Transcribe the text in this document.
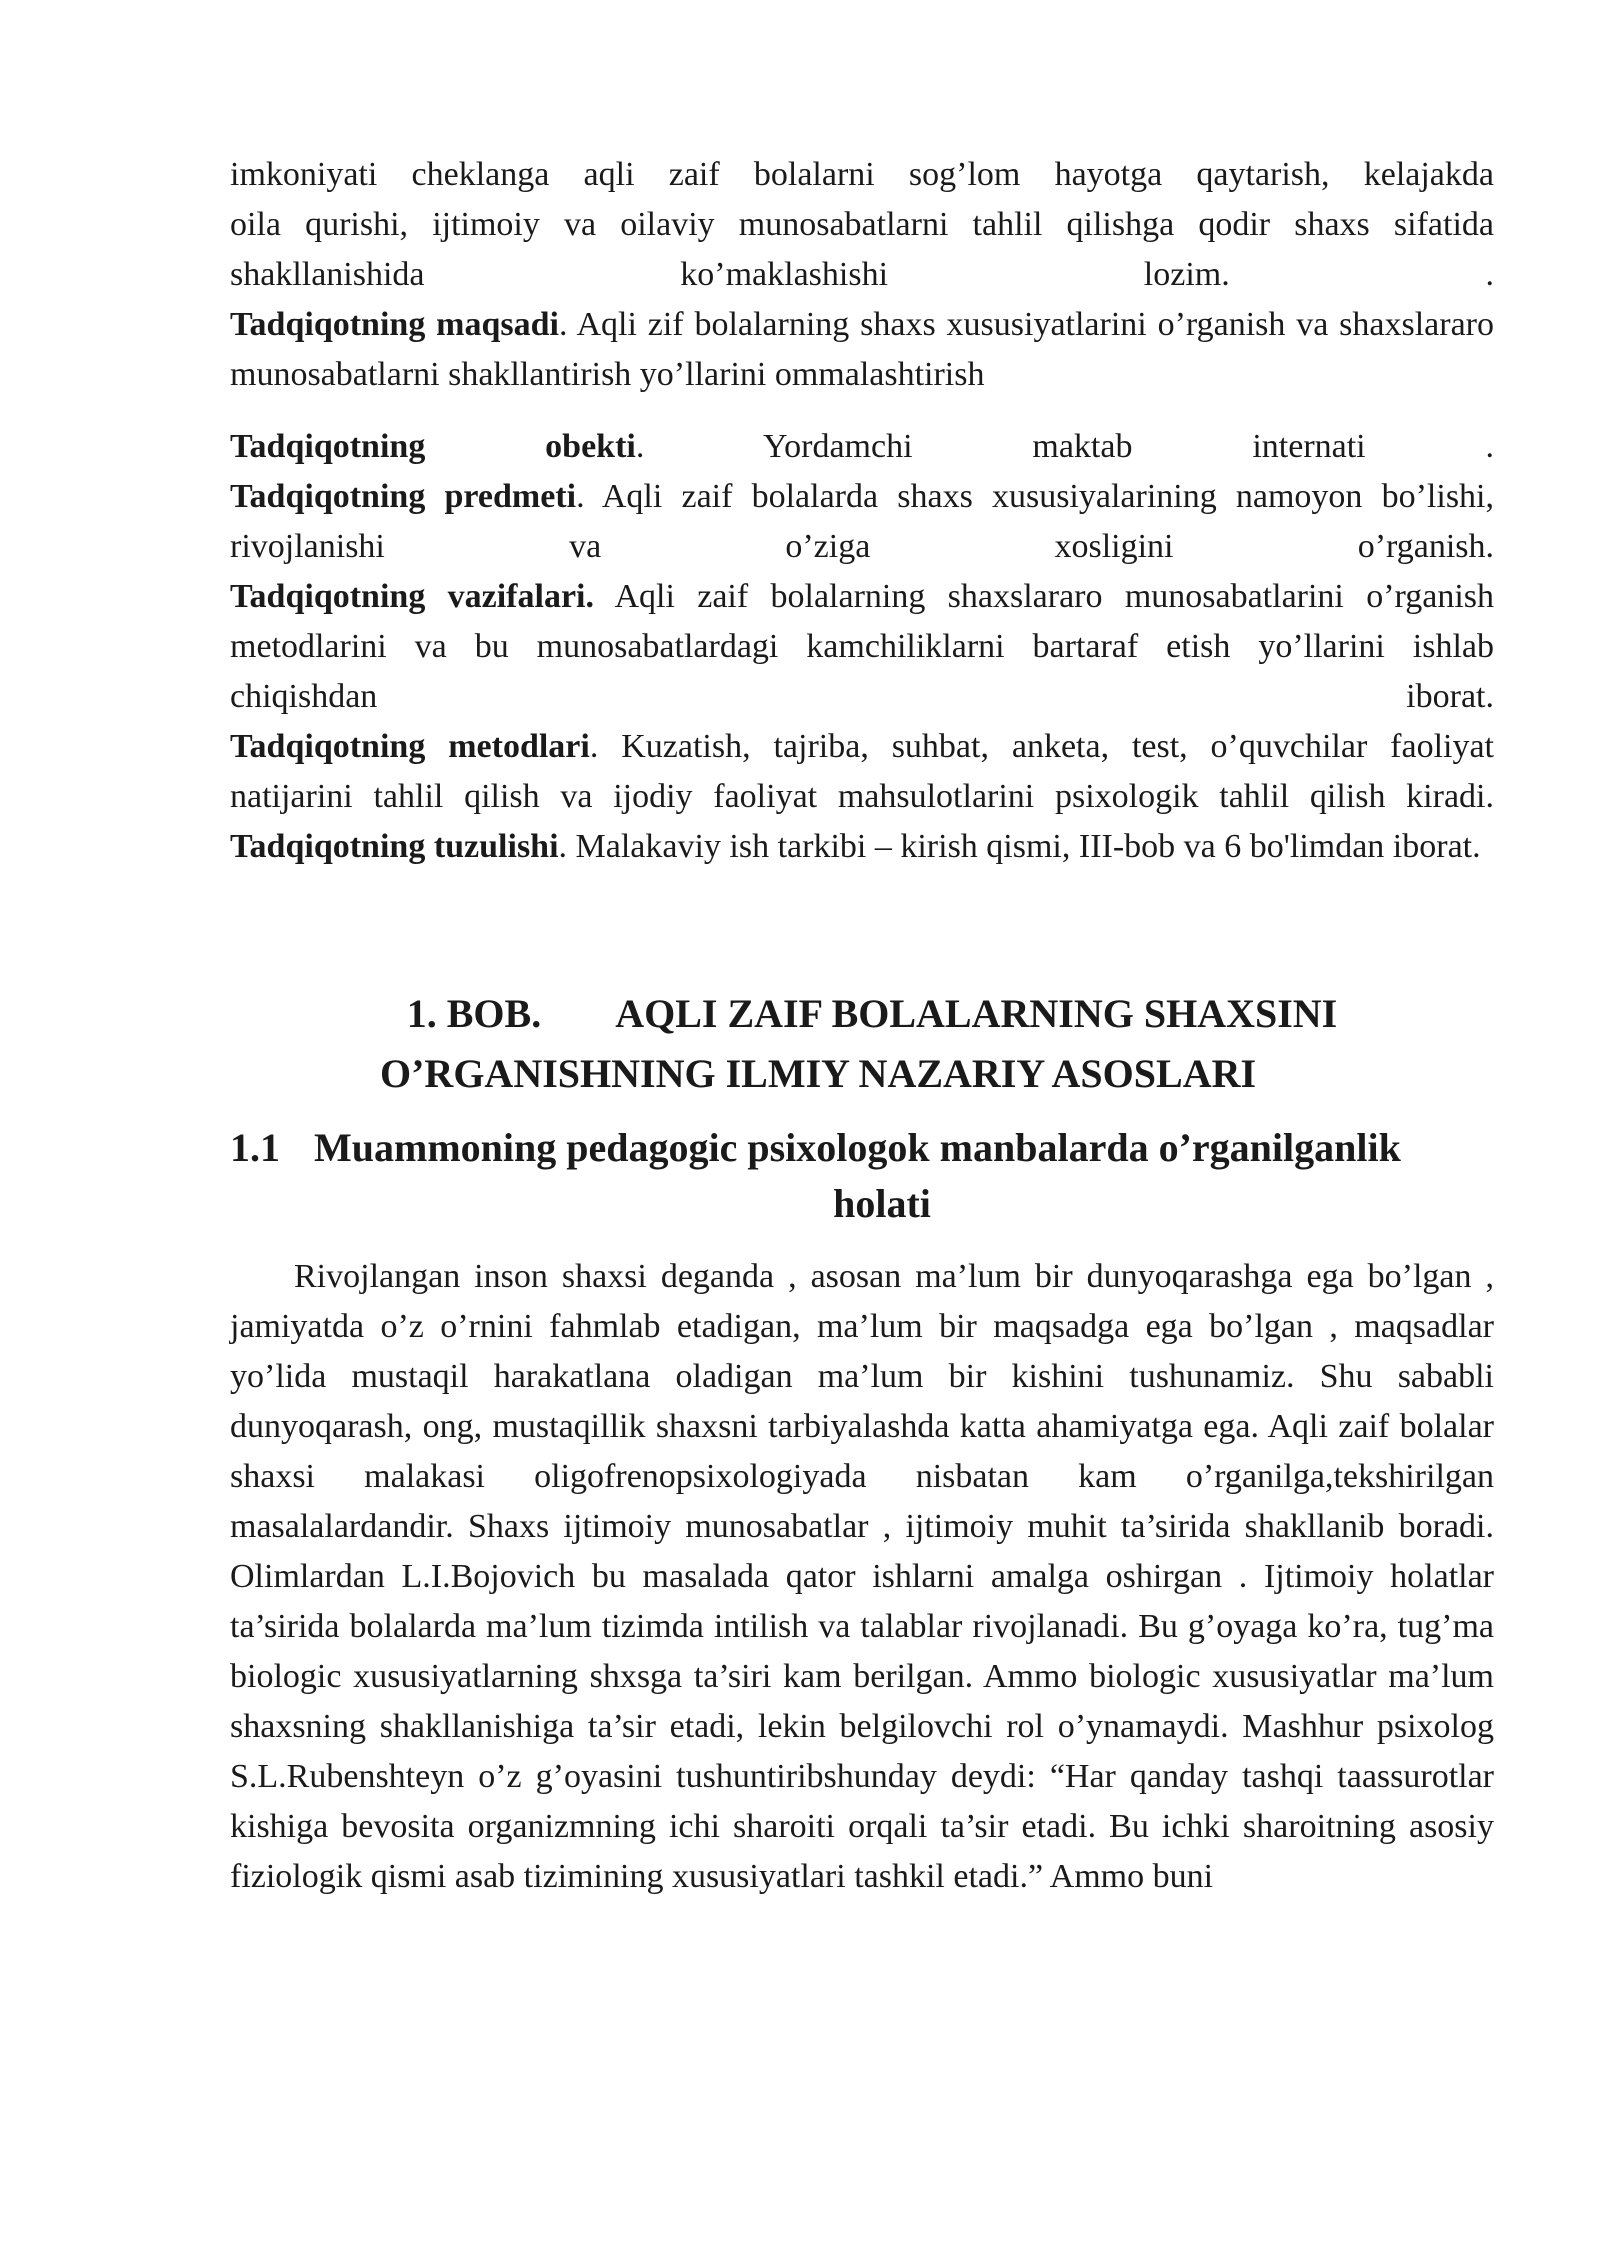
imkoniyati cheklanga aqli zaif bolalarni sog’lom hayotga qaytarish, kelajakda

oila qurishi, ijtimoiy va oilaviy munosabatlarni tahlil qilishga qodir shaxs sifatida

shakllanishida ko’maklashishi lozim. .

Tadqiqotning maqsadi. Aqli zif bolalarning shaxs xususiyatlarini o’rganish va shaxslararo munosabatlarni shakllantirish yo’llarini ommalashtirish

Tadqiqotning obekti. Yordamchi maktab internati .

Tadqiqotning predmeti. Aqli zaif bolalarda shaxs xususiyalarining namoyon bo’lishi, rivojlanishi va o’ziga xosligini o’rganish.

Tadqiqotning vazifalari. Aqli zaif bolalarning shaxslararo munosabatlarini o’rganish metodlarini va bu munosabatlardagi kamchiliklarni bartaraf etish yo’llarini ishlab chiqishdan iborat.

Tadqiqotning metodlari. Kuzatish, tajriba, suhbat, anketa, test, o’quvchilar faoliyat natijarini tahlil qilish va ijodiy faoliyat mahsulotlarini psixologik tahlil qilish kiradi.

Tadqiqotning tuzulishi. Malakaviy ish tarkibi – kirish qismi, III-bob va 6 bo'limdan iborat.

1. BOB. AQLI ZAIF BOLALARNING SHAXSINI
O’RGANISHNING ILMIY NAZARIY ASOSLARI
1.1 Muammoning pedagogic psixologok manbalarda o’rganilganlik
holati

Rivojlangan inson shaxsi deganda , asosan ma’lum bir dunyoqarashga ega bo’lgan , jamiyatda o’z o’rnini fahmlab etadigan, ma’lum bir maqsadga ega bo’lgan , maqsadlar yo’lida mustaqil harakatlana oladigan ma’lum bir kishini tushunamiz. Shu sababli dunyoqarash, ong, mustaqillik shaxsni tarbiyalashda katta ahamiyatga ega. Aqli zaif bolalar shaxsi malakasi oligofrenopsixologiyada nisbatan kam o’rganilga,tekshirilgan masalalardandir. Shaxs ijtimoiy munosabatlar , ijtimoiy muhit ta’sirida shakllanib boradi. Olimlardan L.I.Bojovich bu masalada qator ishlarni amalga oshirgan . Ijtimoiy holatlar ta’sirida bolalarda ma’lum tizimda intilish va talablar rivojlanadi. Bu g’oyaga ko’ra, tug’ma biologic xususiyatlarning shxsga ta’siri kam berilgan. Ammo biologic xususiyatlar ma’lum shaxsning shakllanishiga ta’sir etadi, lekin belgilovchi rol o’ynamaydi. Mashhur psixolog S.L.Rubenshteyn o’z g’oyasini tushuntiribshunday deydi: “Har qanday tashqi taassurotlar kishiga bevosita organizmning ichi sharoiti orqali ta’sir etadi. Bu ichki sharoitning asosiy fiziologik qismi asab tizimining xususiyatlari tashkil etadi.” Ammo buni
